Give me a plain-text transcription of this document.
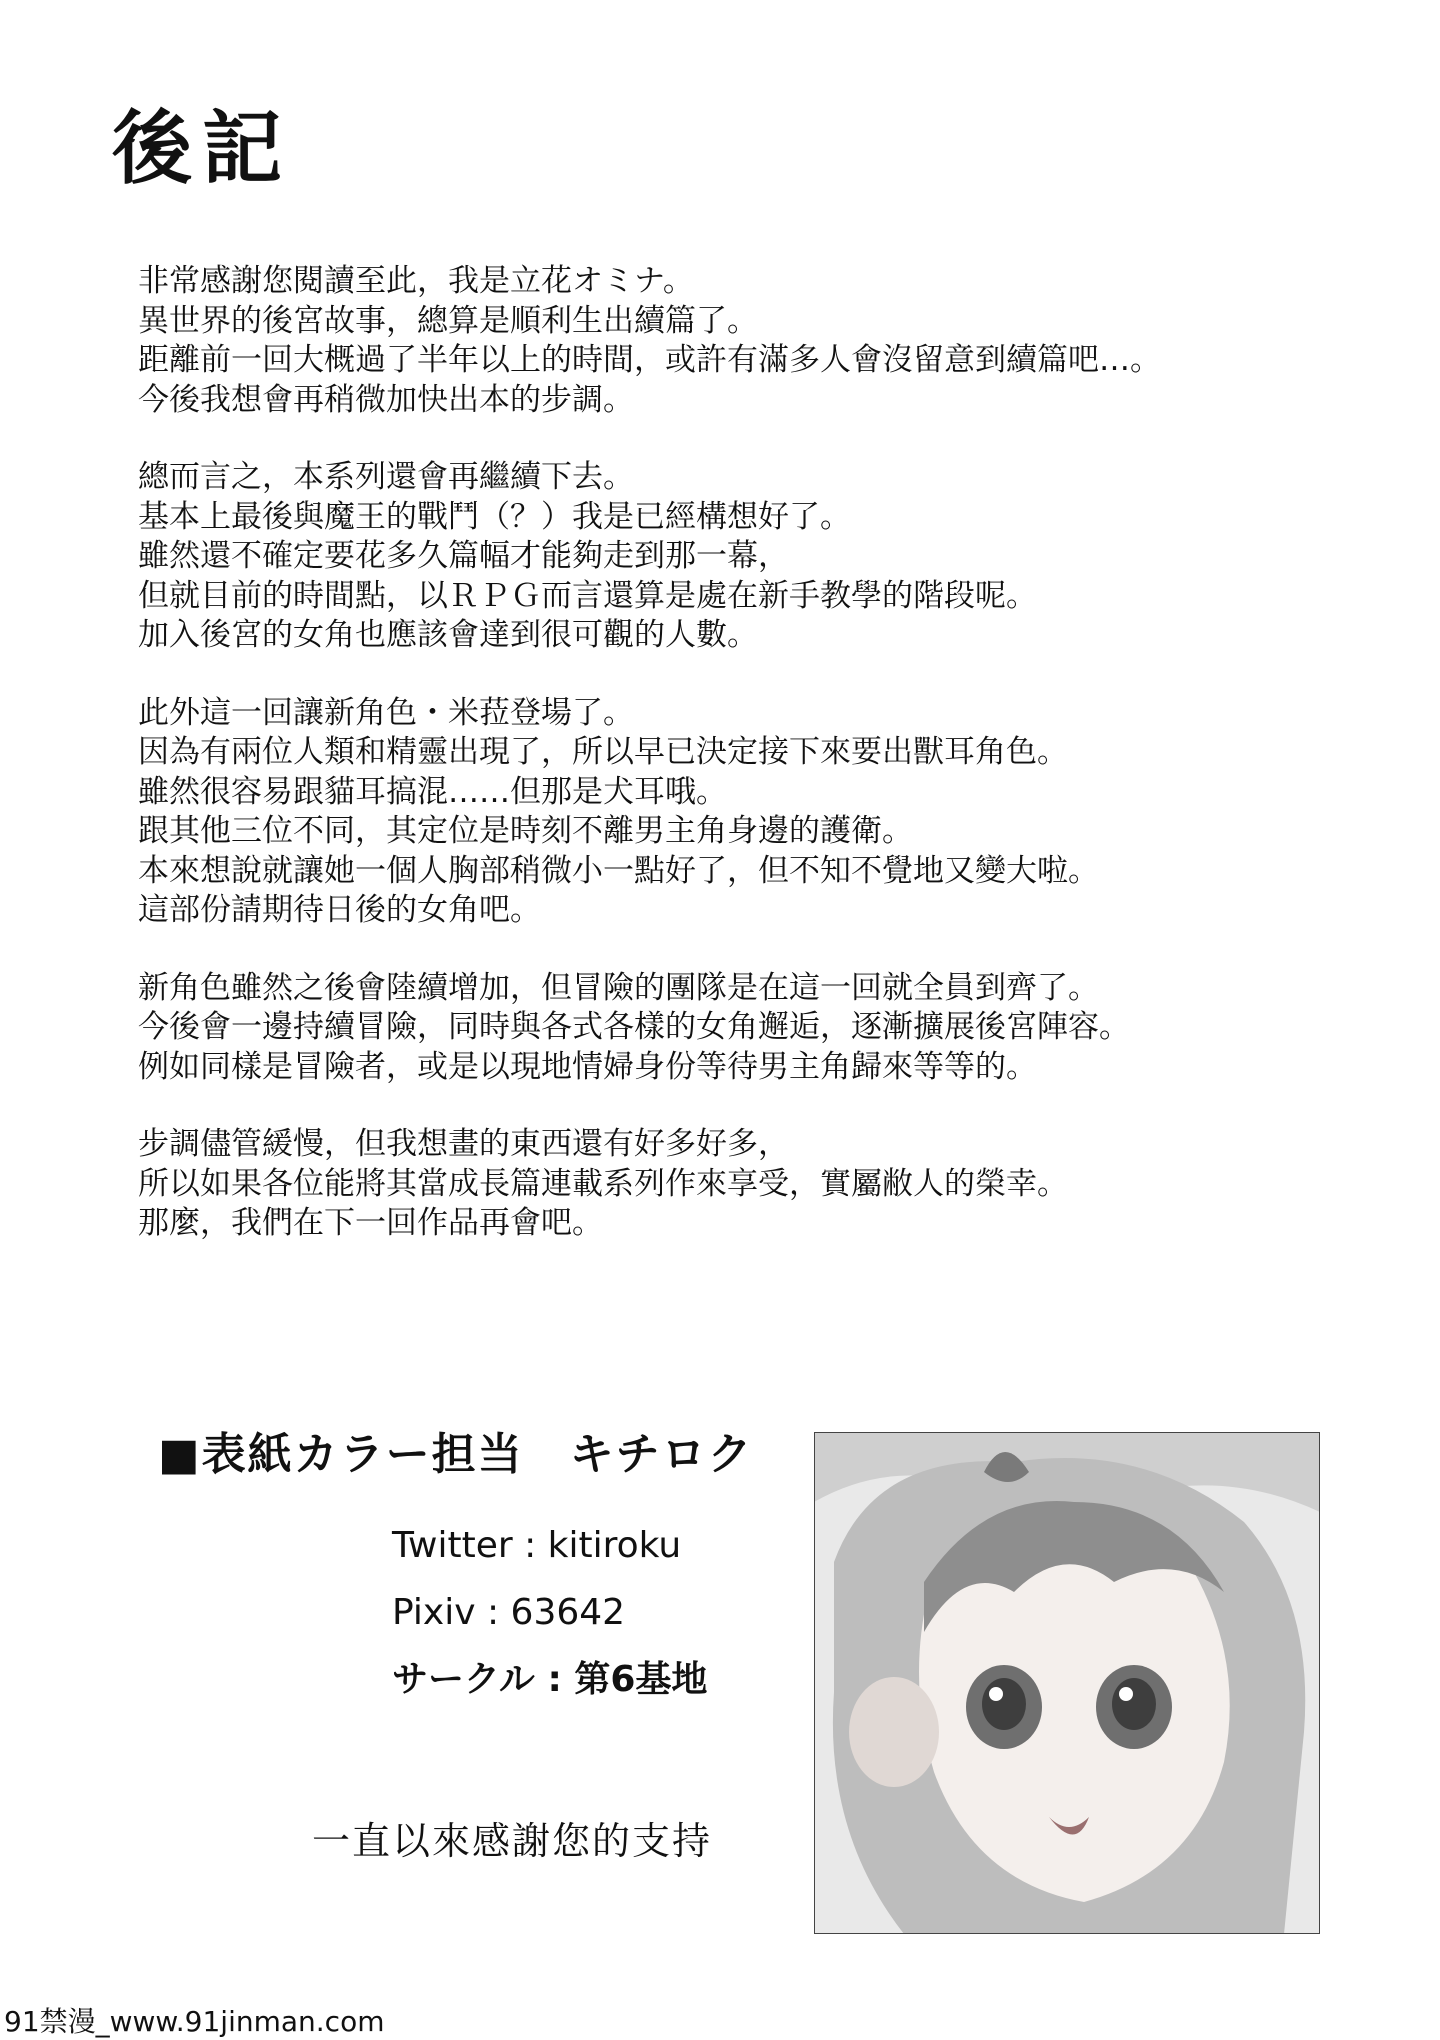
後記
非常感謝您閱讀至此，我是立花オミナ。
異世界的後宮故事，總算是順利生出續篇了。
距離前一回大概過了半年以上的時間，或許有滿多人會沒留意到續篇吧…。
今後我想會再稍微加快出本的步調。
總而言之，本系列還會再繼續下去。
基本上最後與魔王的戰鬥（？）我是已經構想好了。
雖然還不確定要花多久篇幅才能夠走到那一幕，
但就目前的時間點，以ＲＰＧ而言還算是處在新手教學的階段呢。
加入後宮的女角也應該會達到很可觀的人數。
此外這一回讓新角色・米菈登場了。
因為有兩位人類和精靈出現了，所以早已決定接下來要出獸耳角色。
雖然很容易跟貓耳搞混……但那是犬耳哦。
跟其他三位不同，其定位是時刻不離男主角身邊的護衛。
本來想說就讓她一個人胸部稍微小一點好了，但不知不覺地又變大啦。
這部份請期待日後的女角吧。
新角色雖然之後會陸續增加，但冒險的團隊是在這一回就全員到齊了。
今後會一邊持續冒險，同時與各式各樣的女角邂逅，逐漸擴展後宮陣容。
例如同樣是冒險者，或是以現地情婦身份等待男主角歸來等等的。
步調儘管緩慢，但我想畫的東西還有好多好多，
所以如果各位能將其當成長篇連載系列作來享受，實屬敝人的榮幸。
那麼，我們在下一回作品再會吧。
■表紙カラー担当　キチロク
Twitter : kitiroku
Pixiv : 63642
サークル : 第6基地
一直以來感謝您的支持
91禁漫_www.91jinman.com
